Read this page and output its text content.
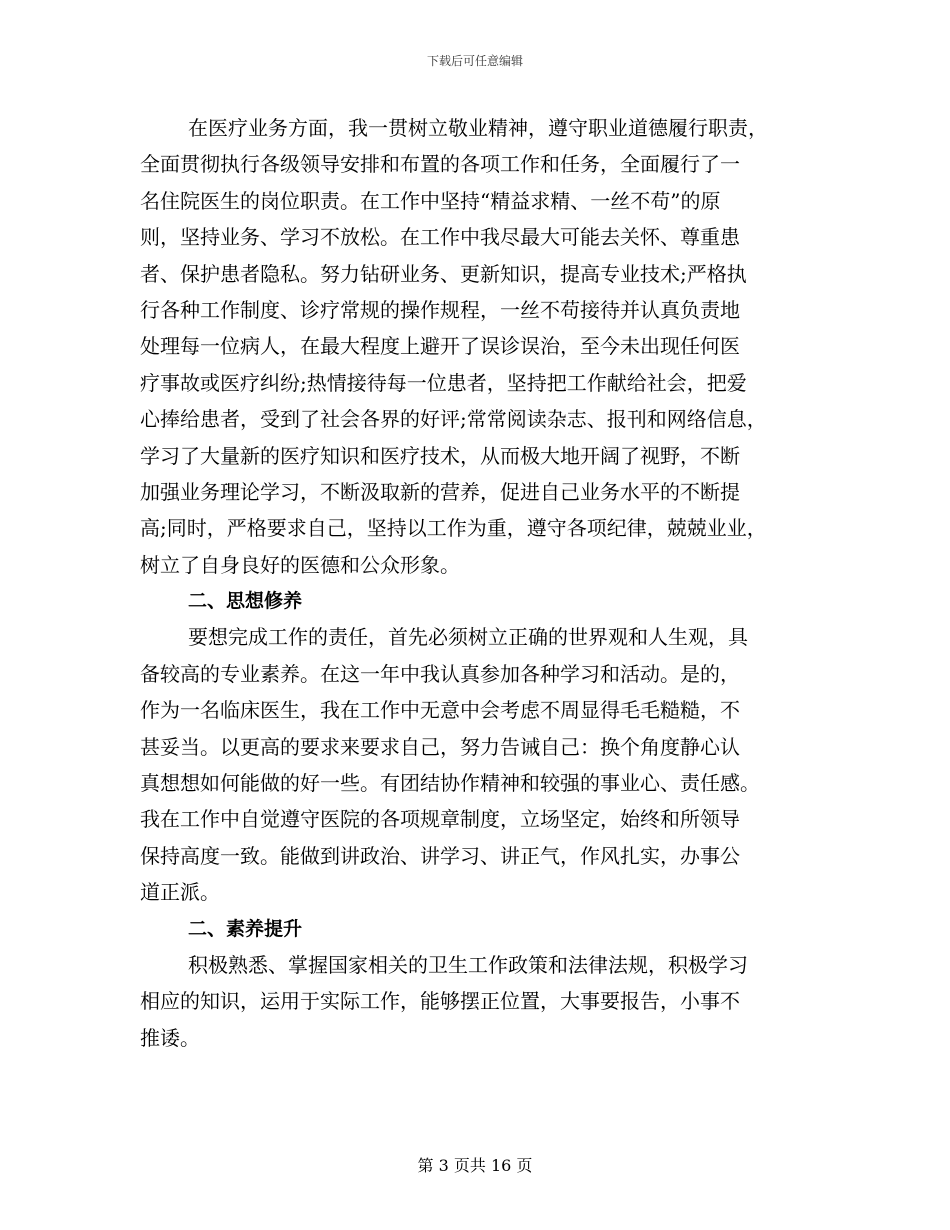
下载后可任意编辑
在医疗业务方面，我一贯树立敬业精神，遵守职业道德履行职责，
全面贯彻执行各级领导安排和布置的各项工作和任务，全面履行了一
名住院医生的岗位职责。在工作中坚持“精益求精、一丝不苟”的原
则，坚持业务、学习不放松。在工作中我尽最大可能去关怀、尊重患
者、保护患者隐私。努力钻研业务、更新知识，提高专业技术;严格执
行各种工作制度、诊疗常规的操作规程，一丝不苟接待并认真负责地
处理每一位病人，在最大程度上避开了误诊误治，至今未出现任何医
疗事故或医疗纠纷;热情接待每一位患者，坚持把工作献给社会，把爱
心捧给患者，受到了社会各界的好评;常常阅读杂志、报刊和网络信息，
学习了大量新的医疗知识和医疗技术，从而极大地开阔了视野，不断
加强业务理论学习，不断汲取新的营养，促进自己业务水平的不断提
高;同时，严格要求自己，坚持以工作为重，遵守各项纪律，兢兢业业，
树立了自身良好的医德和公众形象。
二、思想修养
要想完成工作的责任，首先必须树立正确的世界观和人生观，具
备较高的专业素养。在这一年中我认真参加各种学习和活动。是的，
作为一名临床医生，我在工作中无意中会考虑不周显得毛毛糙糙，不
甚妥当。以更高的要求来要求自己，努力告诫自己：换个角度静心认
真想想如何能做的好一些。有团结协作精神和较强的事业心、责任感。
我在工作中自觉遵守医院的各项规章制度，立场坚定，始终和所领导
保持高度一致。能做到讲政治、讲学习、讲正气，作风扎实，办事公
道正派。
二、素养提升
积极熟悉、掌握国家相关的卫生工作政策和法律法规，积极学习
相应的知识，运用于实际工作，能够摆正位置，大事要报告，小事不
推诿。
第 3 页共 16 页
